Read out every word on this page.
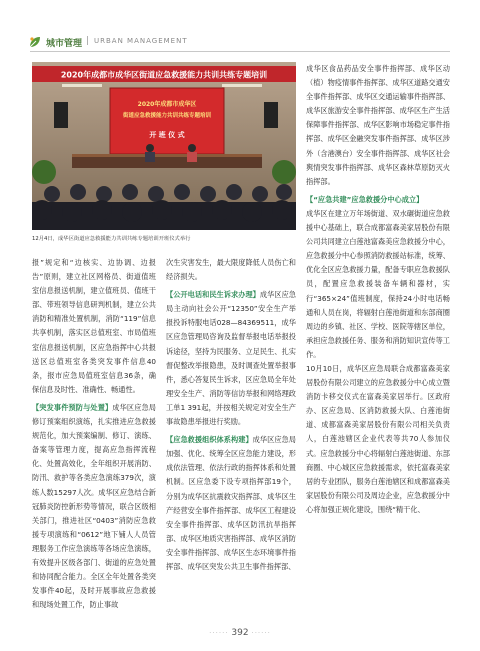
城市管理 | URBAN MANAGEMENT
2020年成都市成华区街道应急救援能力共训共练专题培训
2020年成都市成华区
街道应急救援能力共训共练专题培训
开 班 仪 式
12月4日，成华区街道应急救援能力共训共练专题培训开班仪式举行

报”规定和“边核实、边协调、边报告”原则，建立社区网格员、街道值班室信息报送机制，建立值班员、值班干部、带班领导信息研判机制，建立公共消防和精准处置机制，消防“119”信息共享机制，落实区总值班室、市局值班室信息报送机制，区应急指挥中心共报送区总值班室各类突发事件信息40条，报市应急局值班室信息36条，确保信息及时性、准确性、畅通性。

【突发事件预防与处置】成华区应急局修订预案组织演练，扎实推进应急救援规范化，加大预案编制、修订、演练、备案等管理力度，提高应急指挥流程化、处置高效化，全年组织开展消防、防汛、救护等各类应急演练379次，演练人数15297人次。成华区应急结合新冠肺炎防控新形势等情况，联合区级相关部门，推进社区“0403”消防应急救援专项演练和“0612”地下铺人人员管理服务工作应急演练等各场应急演练，有效提升区级各部门、街道的应急处置和协同配合能力。全区全年处置各类突发事件40起，及时开展事故应急救援和现场处置工作，防止事故

次生灾害发生，最大限度降低人员伤亡和经济损失。

【公开电话和民生诉求办理】成华区应急局主动向社会公开“12350”安全生产举报投诉特服电话028—84369511，成华区应急管理局咨询及监督举报电话举报投诉途径，坚持为民服务、立足民生、扎实督促整改举报隐患，及时调查处置举报事件，悉心答复民生诉求，区应急局全年处理安全生产、消防等信访举报和网络理政工单1 391起，并按相关规定对安全生产事故隐患举报进行奖励。

【应急救援组织体系构建】成华区应急局加强、优化、统筹全区应急能力建设，形成依法管理、依法行政的指挥体系和处置机制。区应急委下设专项指挥部19个，分别为成华区抗震救灾指挥部、成华区生产经营安全事件指挥部、成华区工程建设安全事件指挥部、成华区防汛抗旱指挥部、成华区地质灾害指挥部、成华区消防安全事件指挥部、成华区生态环境事件指挥部、成华区突发公共卫生事件指挥部、

成华区食品药品安全事件指挥部、成华区动（植）物疫情事件指挥部、成华区道路交通安全事件指挥部、成华区交通运输事件指挥部、成华区旅游安全事件指挥部、成华区生产生活保障事件指挥部、成华区影响市场稳定事件指挥部、成华区金融突发事件指挥部、成华区涉外（含港澳台）安全事件指挥部、成华区社会舆情突发事件指挥部、成华区森林草原防灭火指挥部。

【“应急共建”应急救援分中心成立】

成华区在建立万年场街道、双水碾街道应急救援中心基础上，联合成都富森美家居股份有限公司共同建立白莲池富森美应急救援分中心，应急救援分中心参照消防救援站标准，统筹、优化全区应急救援力量，配备专职应急救援队员，配置应急救援装备车辆和器材，实行“365×24”值班制度，保持24小时电话畅通和人员在岗，将辐射白莲池街道和东部商圈周边的乡镇、社区、学校、医院等辖区单位，承担应急救援任务、服务和消防知识宣传等工作。

10月10日，成华区应急局联合成都富森美家居股份有限公司建立的应急救援分中心成立暨消防卡移交仪式在富森美家居举行。区政府办、区应急局、区消防救援大队、白莲池街道、成都富森美家居股份有限公司相关负责人，白莲池辖区企业代表等共70人参加仪式。应急救援分中心将辐射白莲池街道、东部商圈、中心城区应急救援需求，依托富森美家居的专业团队，服务白莲池辖区和成都富森美家居股份有限公司及周边企业，应急救援分中心将加强正规化建设，围绕“精干化、

······ 392 ······
